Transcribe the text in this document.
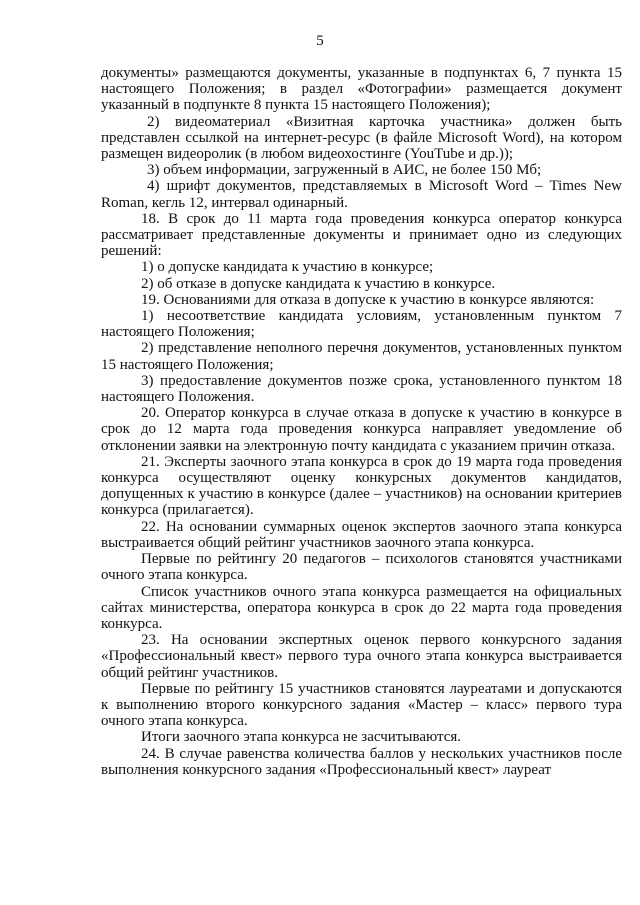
5

документы» размещаются документы, указанные в подпунктах 6, 7 пункта 15 настоящего Положения; в раздел «Фотографии» размещается документ указанный в подпункте 8 пункта 15 настоящего Положения);

2) видеоматериал «Визитная карточка участника» должен быть представлен ссылкой на интернет-ресурс (в файле Microsoft Word), на котором размещен видеоролик (в любом видеохостинге (YouTube и др.));

3) объем информации, загруженный в АИС, не более 150 Мб;

4) шрифт документов, представляемых в Microsoft Word – Times New Roman, кегль 12, интервал одинарный.

18. В срок до 11 марта года проведения конкурса оператор конкурса рассматривает представленные документы и принимает одно из следующих решений:

1) о допуске кандидата к участию в конкурсе;

2) об отказе в допуске кандидата к участию в конкурсе.

19. Основаниями для отказа в допуске к участию в конкурсе являются:

1) несоответствие кандидата условиям, установленным пунктом 7 настоящего Положения;

2) представление неполного перечня документов, установленных пунктом 15 настоящего Положения;

3) предоставление документов позже срока, установленного пунктом 18 настоящего Положения.

20. Оператор конкурса в случае отказа в допуске к участию в конкурсе в срок до 12 марта года проведения конкурса направляет уведомление об отклонении заявки на электронную почту кандидата с указанием причин отказа.

21. Эксперты заочного этапа конкурса в срок до 19 марта года проведения конкурса осуществляют оценку конкурсных документов кандидатов, допущенных к участию в конкурсе (далее – участников) на основании критериев конкурса (прилагается).

22. На основании суммарных оценок экспертов заочного этапа конкурса выстраивается общий рейтинг участников заочного этапа конкурса.

Первые по рейтингу 20 педагогов – психологов становятся участниками очного этапа конкурса.

Список участников очного этапа конкурса размещается на официальных сайтах министерства, оператора конкурса в срок до 22 марта года проведения конкурса.

23. На основании экспертных оценок первого конкурсного задания «Профессиональный квест» первого тура очного этапа конкурса выстраивается общий рейтинг участников.

Первые по рейтингу 15 участников становятся лауреатами и допускаются к выполнению второго конкурсного задания «Мастер – класс» первого тура очного этапа конкурса.

Итоги заочного этапа конкурса не засчитываются.

24. В случае равенства количества баллов у нескольких участников после выполнения конкурсного задания «Профессиональный квест» лауреат
